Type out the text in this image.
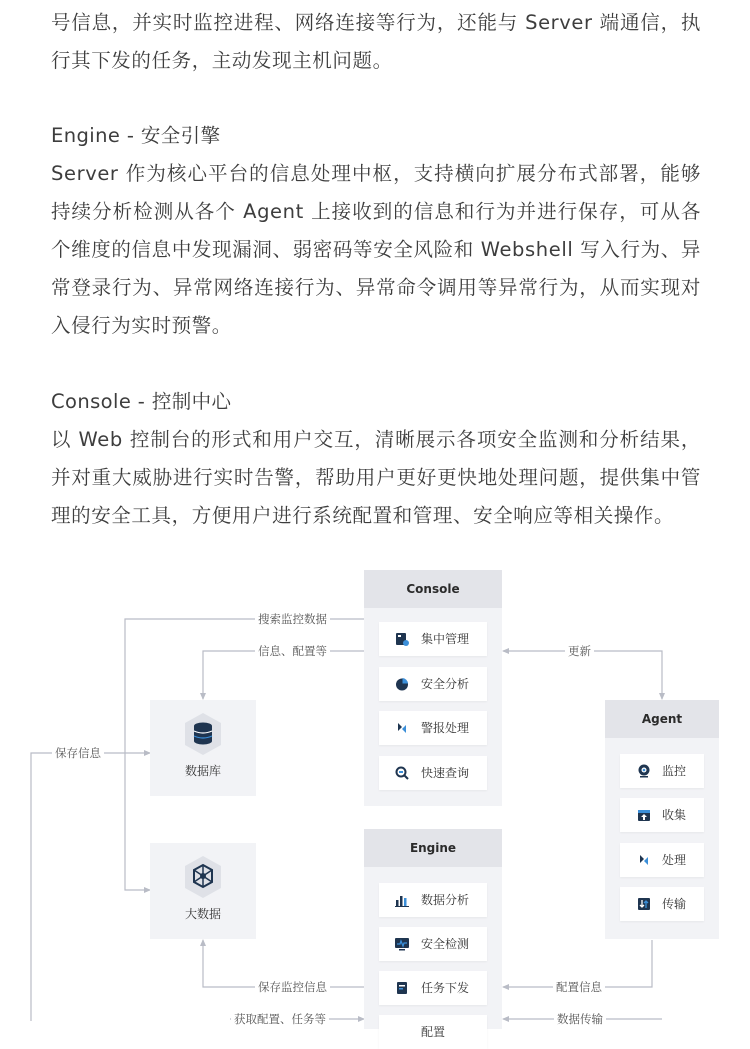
号信息，并实时监控进程、网络连接等行为，还能与 Server 端通信，执

行其下发的任务，主动发现主机问题。

Engine - 安全引擎

Server 作为核心平台的信息处理中枢，支持横向扩展分布式部署，能够持续分析检测从各个 Agent 上接收到的信息和行为并进行保存，可从各个维度的信息中发现漏洞、弱密码等安全风险和 Webshell 写入行为、异常登录行为、异常网络连接行为、异常命令调用等异常行为，从而实现对入侵行为实时预警。

Console - 控制中心

以 Web 控制台的形式和用户交互，清晰展示各项安全监测和分析结果，并对重大威胁进行实时告警，帮助用户更好更快地处理问题，提供集中管理的安全工具，方便用户进行系统配置和管理、安全响应等相关操作。

搜索监控数据
信息、配置等	更新
保存信息
保存监控信息	配置信息
获取配置、任务等	数据传输
Console
集中管理
安全分析
警报处理
快速查询
数据库
大数据
Engine
数据分析
安全检测
任务下发
配置
Agent
监控
收集
处理
传输
